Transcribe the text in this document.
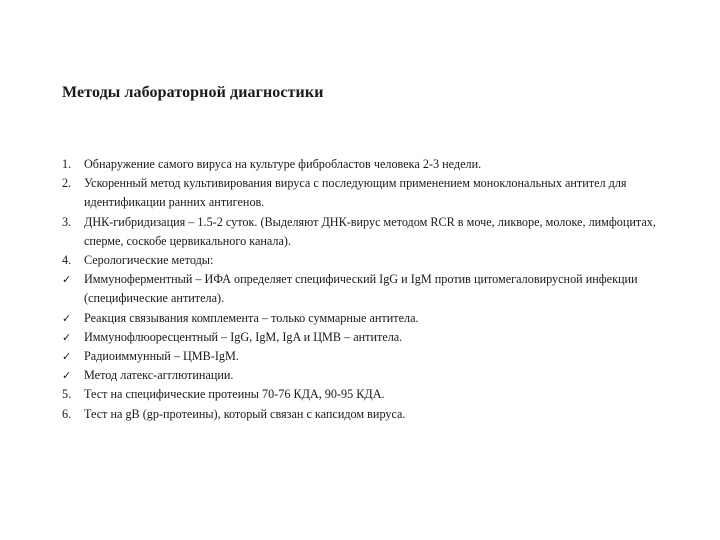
Методы лабораторной диагностики
1.	Обнаружение самого вируса на культуре фибробластов человека 2-3 недели.
2.	Ускоренный метод культивирования вируса с последующим применением моноклональных антител для идентификации ранних антигенов.
3.	ДНК-гибридизация – 1.5-2 суток. (Выделяют ДНК-вирус методом RCR в моче, ликворе, молоке, лимфоцитах, сперме, соскобе цервикального канала).
4.	Серологические методы:
✓	Иммуноферментный – ИФА определяет специфический IgG и IgM против цитомегаловирусной инфекции (специфические антитела).
✓	Реакция связывания комплемента – только суммарные антитела.
✓	Иммунофлюоресцентный – IgG, IgM, IgA и ЦМВ – антитела.
✓	Радиоиммунный – ЦМВ-IgM.
✓	Метод латекс-агглютинации.
5.	Тест на специфические протеины 70-76 КДА, 90-95 КДА.
6.	Тест на gB (gp-протеины), который связан с капсидом вируса.
